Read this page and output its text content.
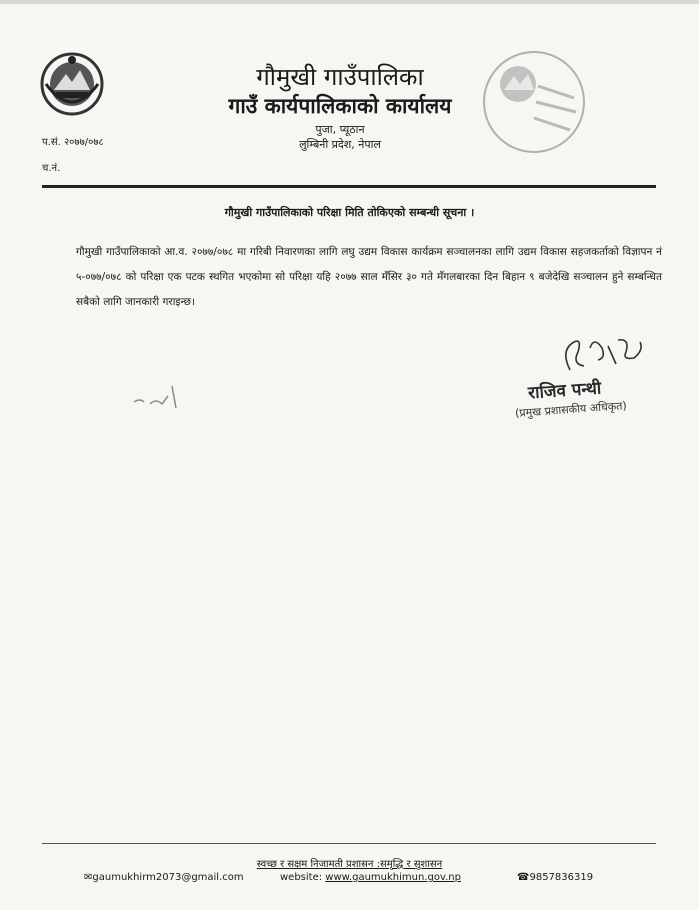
गौमुखी गाउँपालिका
गाउँ कार्यपालिकाको कार्यालय
पुजा, प्यूठान
लुम्बिनी प्रदेश, नेपाल
प.सं. २०७७/०७८
च.नं.
गौमुखी गाउँपालिकाको परिक्षा मिति तोकिएको सम्बन्धी सूचना ।
गौमुखी गाउँपालिकाको आ.व. २०७७/०७८ मा गरिबी निवारणका लागि लघु उद्यम विकास कार्यक्रम सञ्चालनका लागि उद्यम विकास सहजकर्ताको विज्ञापन नं ५-०७७/०७८ को परिक्षा एक पटक स्थगित भएकोमा सो परिक्षा यहि २०७७ साल मँसिर ३० गते मँगलबारका दिन बिहान ९ बजेदेखि सञ्चालन हुने सम्बन्धित सबैको लागि जानकारी गराइन्छ।
राजिव पन्थी
(प्रमुख प्रशासकीय अधिकृत)
स्वच्छ र सक्षम निजामती प्रशासन :समृद्धि र सुशासन
✉gaumukhirm2073@gmail.com	website: www.gaumukhimun.gov.np	☎9857836319
